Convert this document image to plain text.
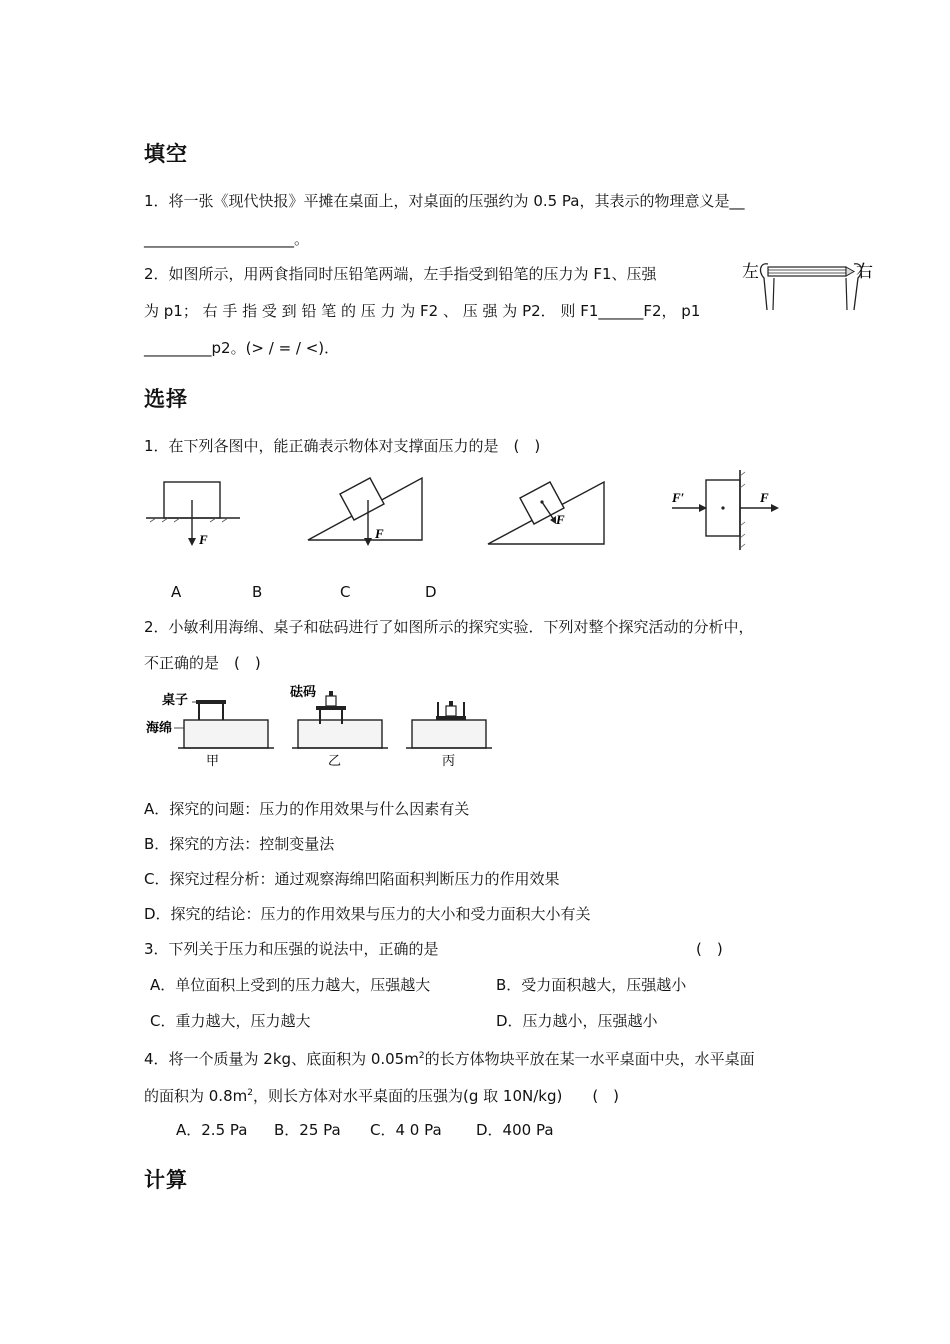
填空
1．将一张《现代快报》平摊在桌面上，对桌面的压强约为 0.5 Pa，其表示的物理意义是__
____________________。
2．如图所示，用两食指同时压铅笔两端，左手指受到铅笔的压力为 F1、压强
为 p1； 右 手 指 受 到 铅 笔 的 压 力 为 F2 、 压 强 为 P2． 则 F1______F2， p1
_________p2。(> / = / <)．
左	右
选择
1．在下列各图中，能正确表示物体对支撑面压力的是　(　)
F	F
F
F′	F
A	B	C	D
2．小敏利用海绵、桌子和砝码进行了如图所示的探究实验．下列对整个探究活动的分析中，
不正确的是　(　)
桌子
海绵
砝码
甲	乙	丙
A．探究的问题：压力的作用效果与什么因素有关
B．探究的方法：控制变量法
C．探究过程分析：通过观察海绵凹陷面积判断压力的作用效果
D．探究的结论：压力的作用效果与压力的大小和受力面积大小有关
3．下列关于压力和压强的说法中，正确的是	(　)
A．单位面积上受到的压力越大，压强越大	B．受力面积越大，压强越小
C．重力越大，压力越大	D．压力越小，压强越小
4．将一个质量为 2kg、底面积为 $0.05m^2$的长方体物块平放在某一水平桌面中央，水平桌面
的面积为 $0.8m^2$，则长方体对水平桌面的压强为(g 取 10N/kg)　　(　)
A．2.5 Pa B．25 Pa C．4 0 Pa D．400 Pa
计算
